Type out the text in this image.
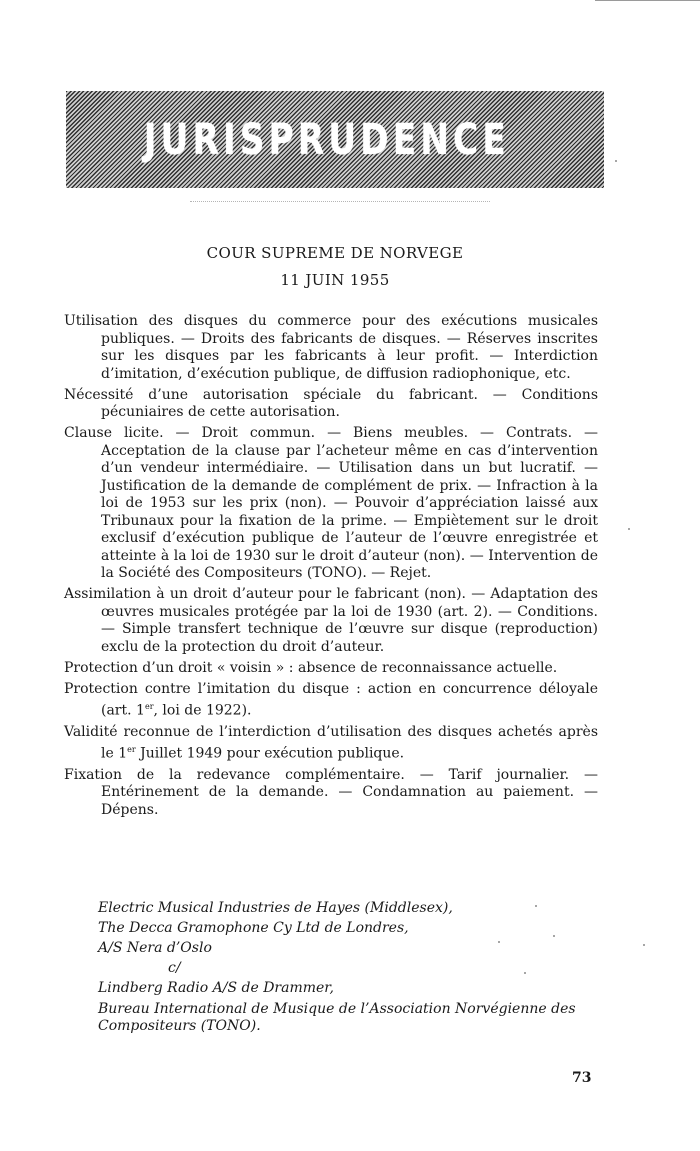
JURISPRUDENCE
COUR SUPREME DE NORVEGE
11 JUIN 1955

Utilisation des disques du commerce pour des exécutions musicales publiques. — Droits des fabricants de disques. — Réserves inscrites sur les disques par les fabricants à leur profit. — Interdiction d’imitation, d’exécution publique, de diffusion radiophonique, etc.

Nécessité d’une autorisation spéciale du fabricant. — Conditions pécuniaires de cette autorisation.

Clause licite. — Droit commun. — Biens meubles. — Contrats. — Acceptation de la clause par l’acheteur même en cas d’intervention d’un vendeur intermédiaire. — Utilisation dans un but lucratif. — Justification de la demande de complément de prix. — Infraction à la loi de 1953 sur les prix (non). — Pouvoir d’appréciation laissé aux Tribunaux pour la fixation de la prime. — Empiètement sur le droit exclusif d’exécution publique de l’auteur de l’œuvre enregistrée et atteinte à la loi de 1930 sur le droit d’auteur (non). — Intervention de la Société des Compositeurs (TONO). — Rejet.

Assimilation à un droit d’auteur pour le fabricant (non). — Adaptation des œuvres musicales protégée par la loi de 1930 (art. 2). — Conditions. — Simple transfert technique de l’œuvre sur disque (reproduction) exclu de la protection du droit d’auteur.

Protection d’un droit « voisin » : absence de reconnaissance actuelle.

Protection contre l’imitation du disque : action en concurrence déloyale (art. 1er, loi de 1922).

Validité reconnue de l’interdiction d’utilisation des disques achetés après le 1er Juillet 1949 pour exécution publique.

Fixation de la redevance complémentaire. — Tarif journalier. — Entérinement de la demande. — Condamnation au paiement. — Dépens.

Electric Musical Industries de Hayes (Middlesex),
The Decca Gramophone Cy Ltd de Londres,
A/S Nera d’Oslo
c/
Lindberg Radio A/S de Drammer,
Bureau International de Musique de l’Association Norvégienne des Compositeurs (TONO).
73
